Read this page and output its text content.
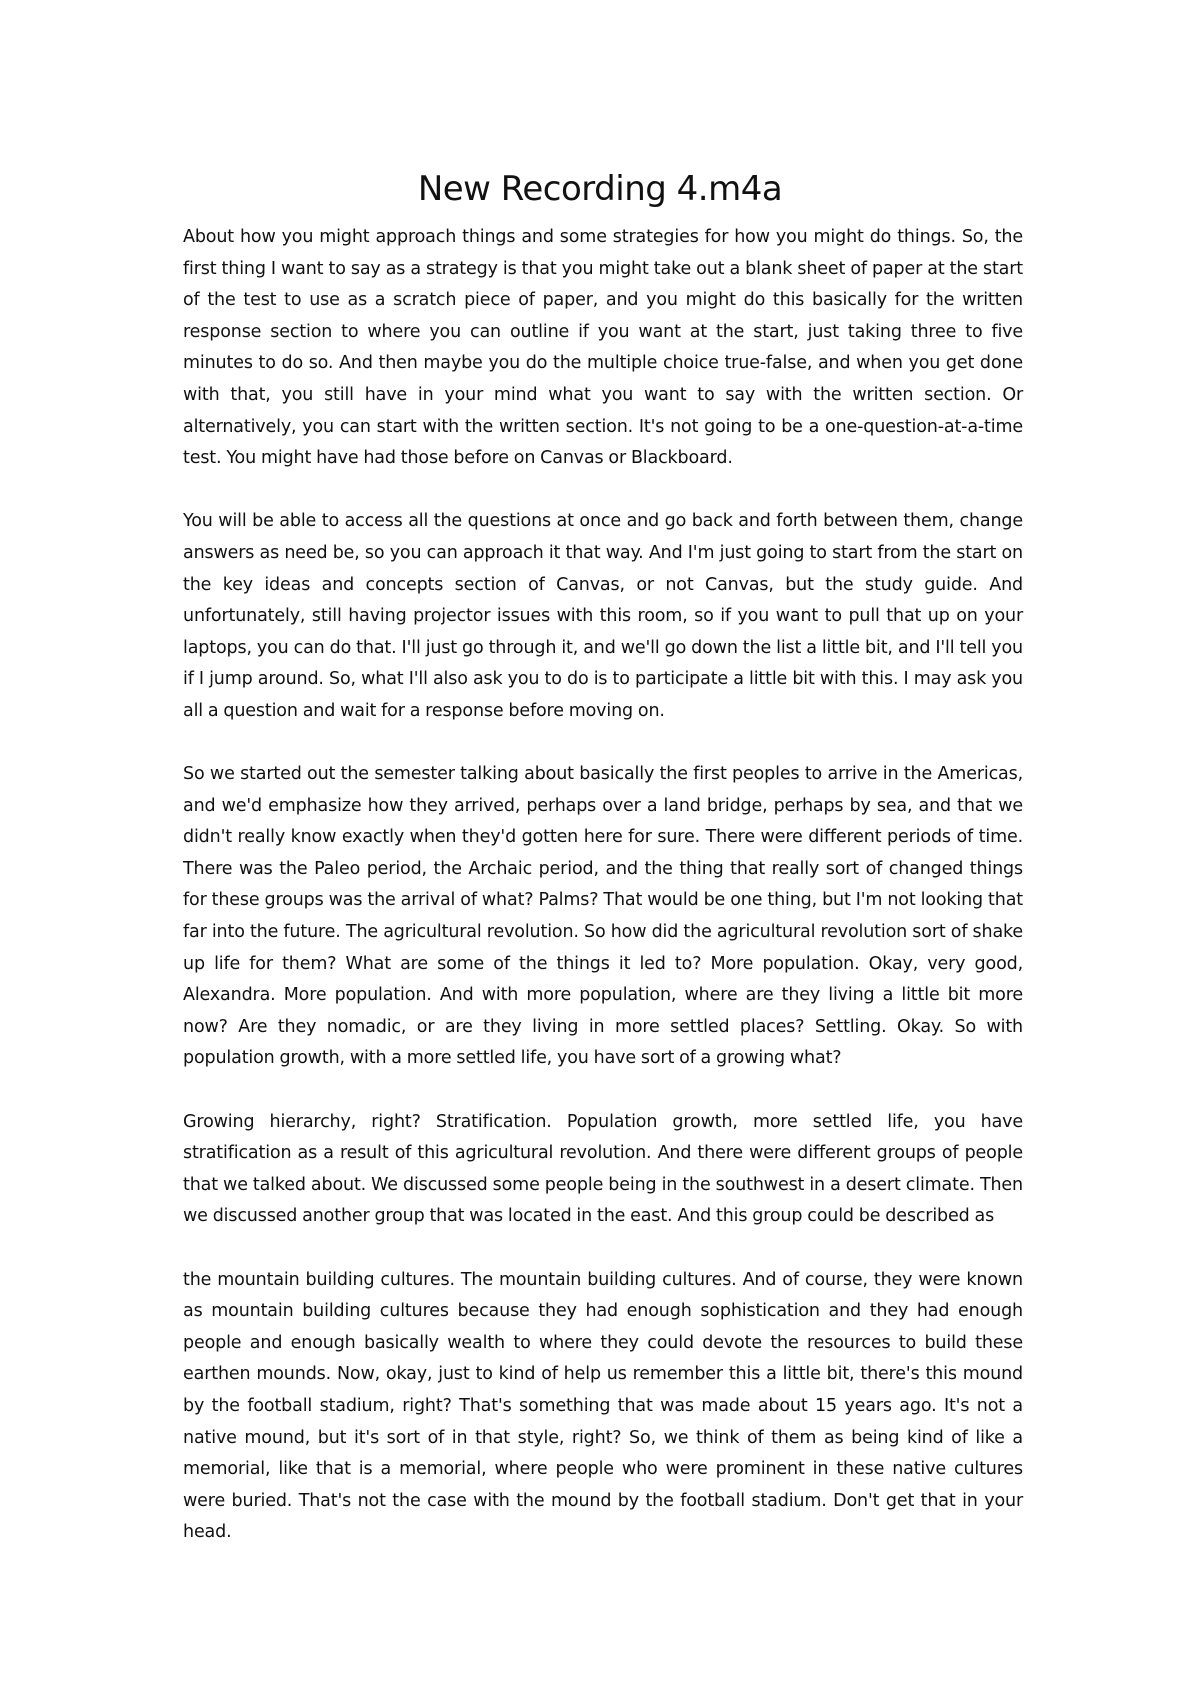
New Recording 4.m4a

About how you might approach things and some strategies for how you might do things. So, the first thing I want to say as a strategy is that you might take out a blank sheet of paper at the start of the test to use as a scratch piece of paper, and you might do this basically for the written response section to where you can outline if you want at the start, just taking three to five minutes to do so. And then maybe you do the multiple choice true-false, and when you get done with that, you still have in your mind what you want to say with the written section. Or alternatively, you can start with the written section. It's not going to be a one-question-at-a-time test. You might have had those before on Canvas or Blackboard.

You will be able to access all the questions at once and go back and forth between them, change answers as need be, so you can approach it that way. And I'm just going to start from the start on the key ideas and concepts section of Canvas, or not Canvas, but the study guide. And unfortunately, still having projector issues with this room, so if you want to pull that up on your laptops, you can do that. I'll just go through it, and we'll go down the list a little bit, and I'll tell you if I jump around. So, what I'll also ask you to do is to participate a little bit with this. I may ask you all a question and wait for a response before moving on.

So we started out the semester talking about basically the first peoples to arrive in the Americas, and we'd emphasize how they arrived, perhaps over a land bridge, perhaps by sea, and that we didn't really know exactly when they'd gotten here for sure. There were different periods of time. There was the Paleo period, the Archaic period, and the thing that really sort of changed things for these groups was the arrival of what? Palms? That would be one thing, but I'm not looking that far into the future. The agricultural revolution. So how did the agricultural revolution sort of shake up life for them? What are some of the things it led to? More population. Okay, very good, Alexandra. More population. And with more population, where are they living a little bit more now? Are they nomadic, or are they living in more settled places? Settling. Okay. So with population growth, with a more settled life, you have sort of a growing what?

Growing hierarchy, right? Stratification. Population growth, more settled life, you have stratification as a result of this agricultural revolution. And there were different groups of people that we talked about. We discussed some people being in the southwest in a desert climate. Then we discussed another group that was located in the east. And this group could be described as

the mountain building cultures. The mountain building cultures. And of course, they were known as mountain building cultures because they had enough sophistication and they had enough people and enough basically wealth to where they could devote the resources to build these earthen mounds. Now, okay, just to kind of help us remember this a little bit, there's this mound by the football stadium, right? That's something that was made about 15 years ago. It's not a native mound, but it's sort of in that style, right? So, we think of them as being kind of like a memorial, like that is a memorial, where people who were prominent in these native cultures were buried. That's not the case with the mound by the football stadium. Don't get that in your head.
